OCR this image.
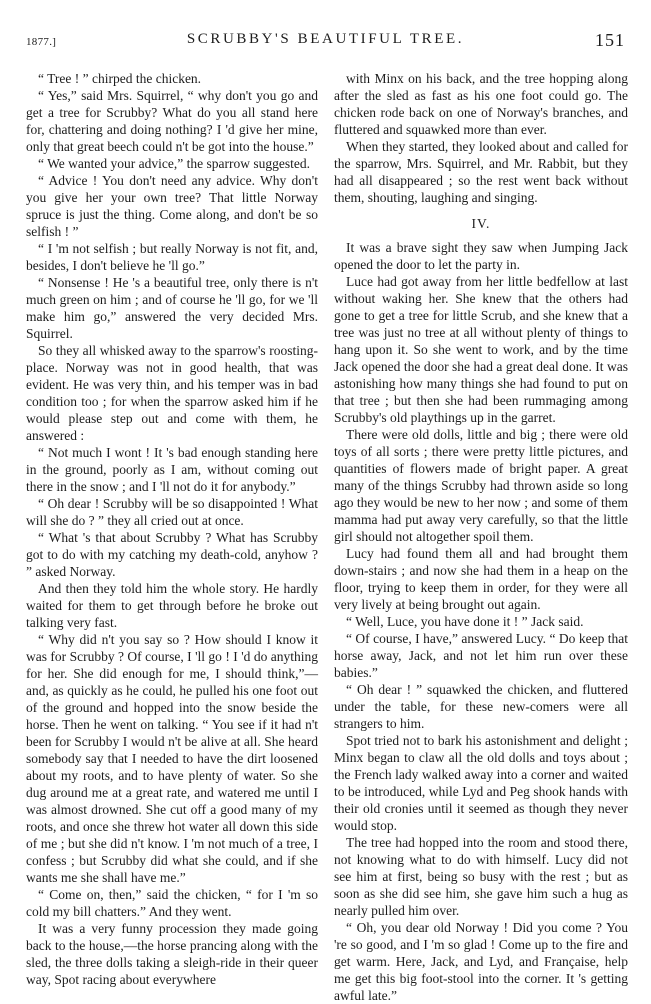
1877.]	SCRUBBY'S BEAUTIFUL TREE.	151

“ Tree ! ” chirped the chicken.

“ Yes,” said Mrs. Squirrel, “ why don't you go and get a tree for Scrubby? What do you all stand here for, chattering and doing nothing? I 'd give her mine, only that great beech could n't be got into the house.”

“ We wanted your advice,” the sparrow suggested.

“ Advice ! You don't need any advice. Why don't you give her your own tree? That little Norway spruce is just the thing. Come along, and don't be so selfish ! ”

“ I 'm not selfish ; but really Norway is not fit, and, besides, I don't believe he 'll go.”

“ Nonsense ! He 's a beautiful tree, only there is n't much green on him ; and of course he 'll go, for we 'll make him go,” answered the very decided Mrs. Squirrel.

So they all whisked away to the sparrow's roosting-place. Norway was not in good health, that was evident. He was very thin, and his temper was in bad condition too ; for when the sparrow asked him if he would please step out and come with them, he answered :

“ Not much I wont ! It 's bad enough standing here in the ground, poorly as I am, without coming out there in the snow ; and I 'll not do it for anybody.”

“ Oh dear ! Scrubby will be so disappointed ! What will she do ? ” they all cried out at once.

“ What 's that about Scrubby ? What has Scrubby got to do with my catching my death-cold, anyhow ? ” asked Norway.

And then they told him the whole story. He hardly waited for them to get through before he broke out talking very fast.

“ Why did n't you say so ? How should I know it was for Scrubby ? Of course, I 'll go ! I 'd do anything for her. She did enough for me, I should think,”—and, as quickly as he could, he pulled his one foot out of the ground and hopped into the snow beside the horse. Then he went on talking. “ You see if it had n't been for Scrubby I would n't be alive at all. She heard somebody say that I needed to have the dirt loosened about my roots, and to have plenty of water. So she dug around me at a great rate, and watered me until I was almost drowned. She cut off a good many of my roots, and once she threw hot water all down this side of me ; but she did n't know. I 'm not much of a tree, I confess ; but Scrubby did what she could, and if she wants me she shall have me.”

“ Come on, then,” said the chicken, “ for I 'm so cold my bill chatters.” And they went.

It was a very funny procession they made going back to the house,—the horse prancing along with the sled, the three dolls taking a sleigh-ride in their queer way, Spot racing about everywhere

with Minx on his back, and the tree hopping along after the sled as fast as his one foot could go. The chicken rode back on one of Norway's branches, and fluttered and squawked more than ever.

When they started, they looked about and called for the sparrow, Mrs. Squirrel, and Mr. Rabbit, but they had all disappeared ; so the rest went back without them, shouting, laughing and singing.

IV.

It was a brave sight they saw when Jumping Jack opened the door to let the party in.

Luce had got away from her little bedfellow at last without waking her. She knew that the others had gone to get a tree for little Scrub, and she knew that a tree was just no tree at all without plenty of things to hang upon it. So she went to work, and by the time Jack opened the door she had a great deal done. It was astonishing how many things she had found to put on that tree ; but then she had been rummaging among Scrubby's old playthings up in the garret.

There were old dolls, little and big ; there were old toys of all sorts ; there were pretty little pictures, and quantities of flowers made of bright paper. A great many of the things Scrubby had thrown aside so long ago they would be new to her now ; and some of them mamma had put away very carefully, so that the little girl should not altogether spoil them.

Lucy had found them all and had brought them down-stairs ; and now she had them in a heap on the floor, trying to keep them in order, for they were all very lively at being brought out again.

“ Well, Luce, you have done it ! ” Jack said.

“ Of course, I have,” answered Lucy. “ Do keep that horse away, Jack, and not let him run over these babies.”

“ Oh dear ! ” squawked the chicken, and fluttered under the table, for these new-comers were all strangers to him.

Spot tried not to bark his astonishment and delight ; Minx began to claw all the old dolls and toys about ; the French lady walked away into a corner and waited to be introduced, while Lyd and Peg shook hands with their old cronies until it seemed as though they never would stop.

The tree had hopped into the room and stood there, not knowing what to do with himself. Lucy did not see him at first, being so busy with the rest ; but as soon as she did see him, she gave him such a hug as nearly pulled him over.

“ Oh, you dear old Norway ! Did you come ? You 're so good, and I 'm so glad ! Come up to the fire and get warm. Here, Jack, and Lyd, and Française, help me get this big foot-stool into the corner. It 's getting awful late.”
